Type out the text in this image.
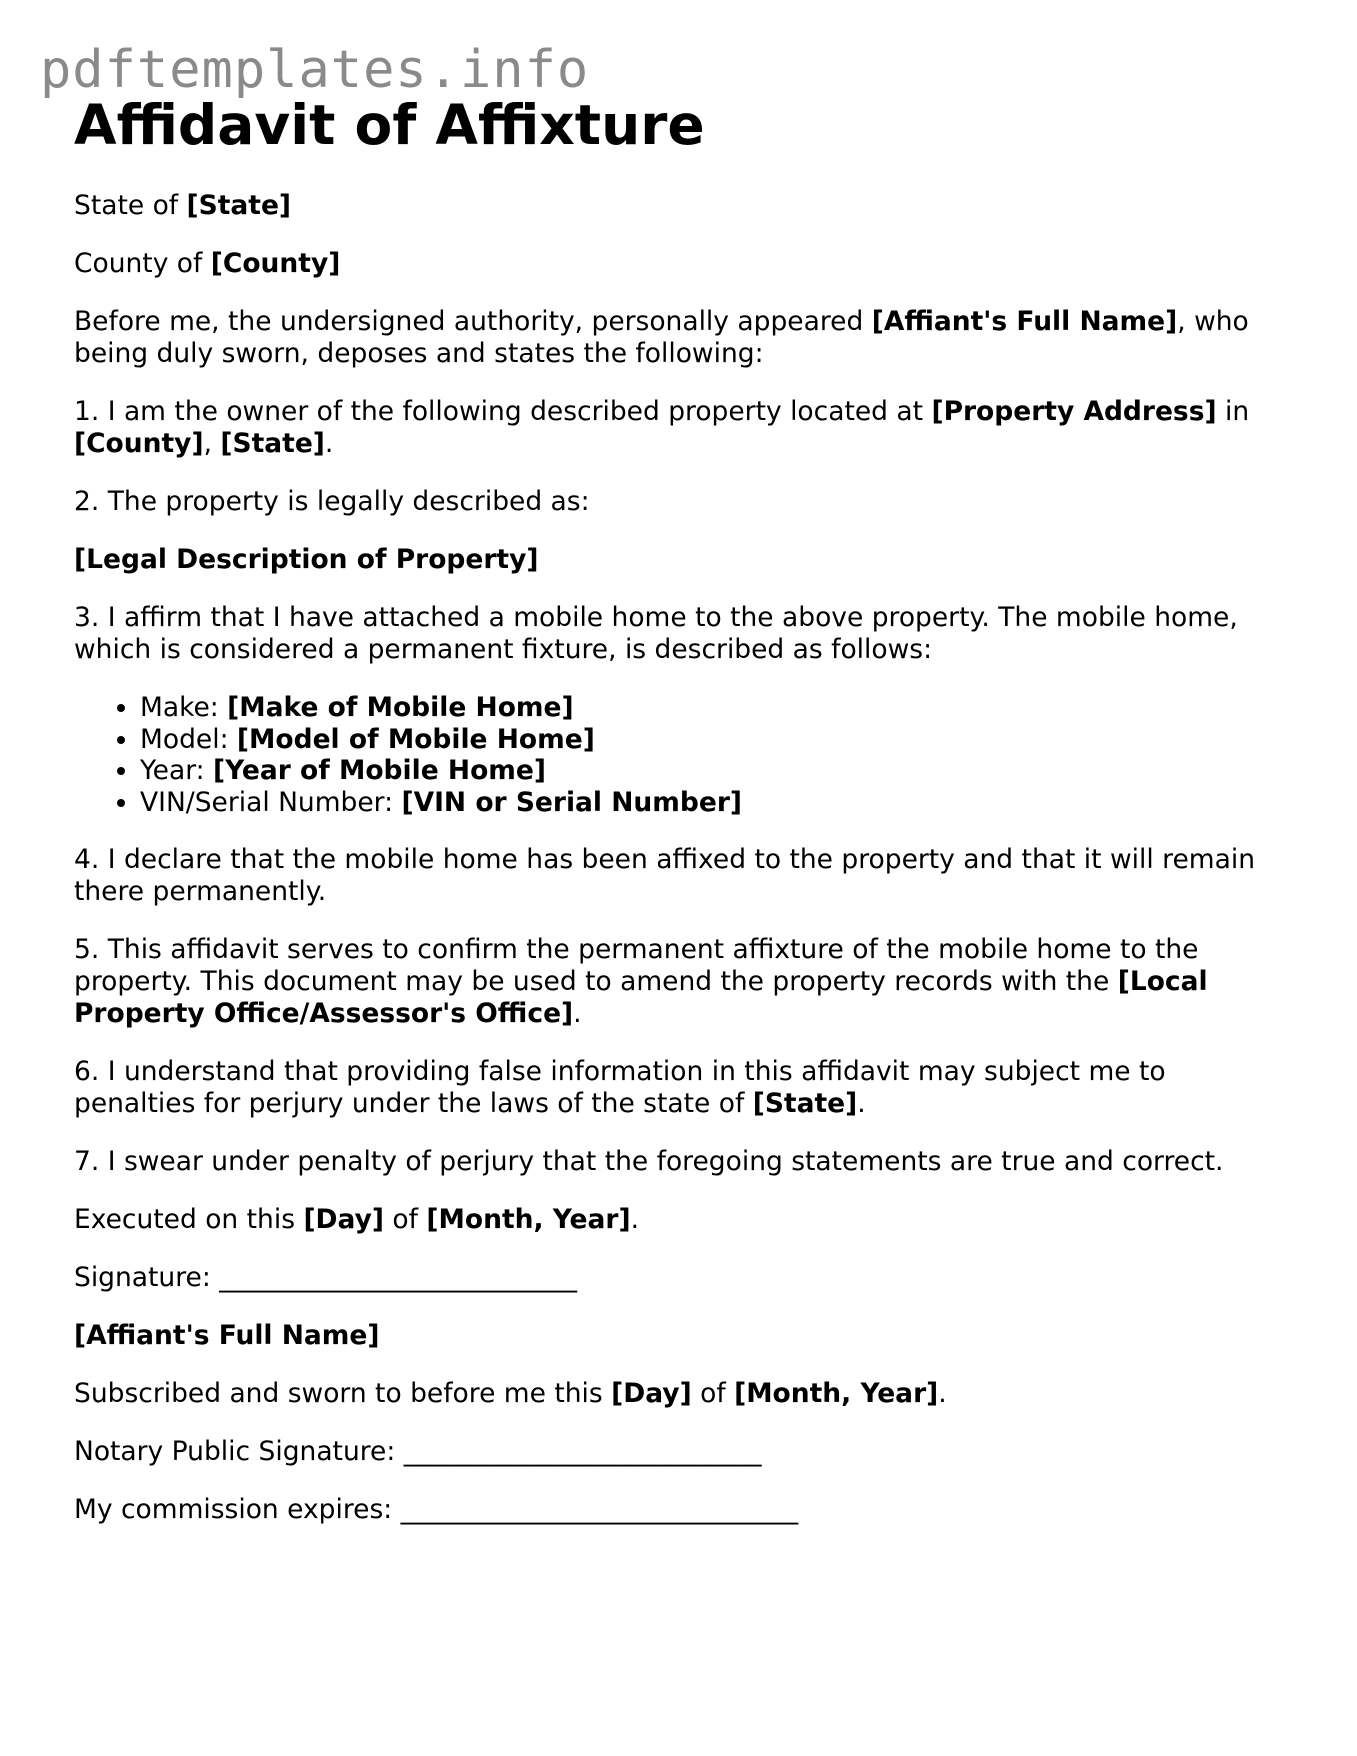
pdftemplates.info
Affidavit of Affixture

State of [State]

County of [County]

Before me, the undersigned authority, personally appeared [Affiant's Full Name], who being duly sworn, deposes and states the following:

1. I am the owner of the following described property located at [Property Address] in [County], [State].

2. The property is legally described as:

[Legal Description of Property]

3. I affirm that I have attached a mobile home to the above property. The mobile home, which is considered a permanent fixture, is described as follows:

• Make: [Make of Mobile Home]
• Model: [Model of Mobile Home]
• Year: [Year of Mobile Home]
• VIN/Serial Number: [VIN or Serial Number]

4. I declare that the mobile home has been affixed to the property and that it will remain there permanently.

5. This affidavit serves to confirm the permanent affixture of the mobile home to the property. This document may be used to amend the property records with the [Local Property Office/Assessor's Office].

6. I understand that providing false information in this affidavit may subject me to penalties for perjury under the laws of the state of [State].

7. I swear under penalty of perjury that the foregoing statements are true and correct.

Executed on this [Day] of [Month, Year].

Signature: ___________________________

[Affiant's Full Name]

Subscribed and sworn to before me this [Day] of [Month, Year].

Notary Public Signature: ___________________________

My commission expires: ______________________________
